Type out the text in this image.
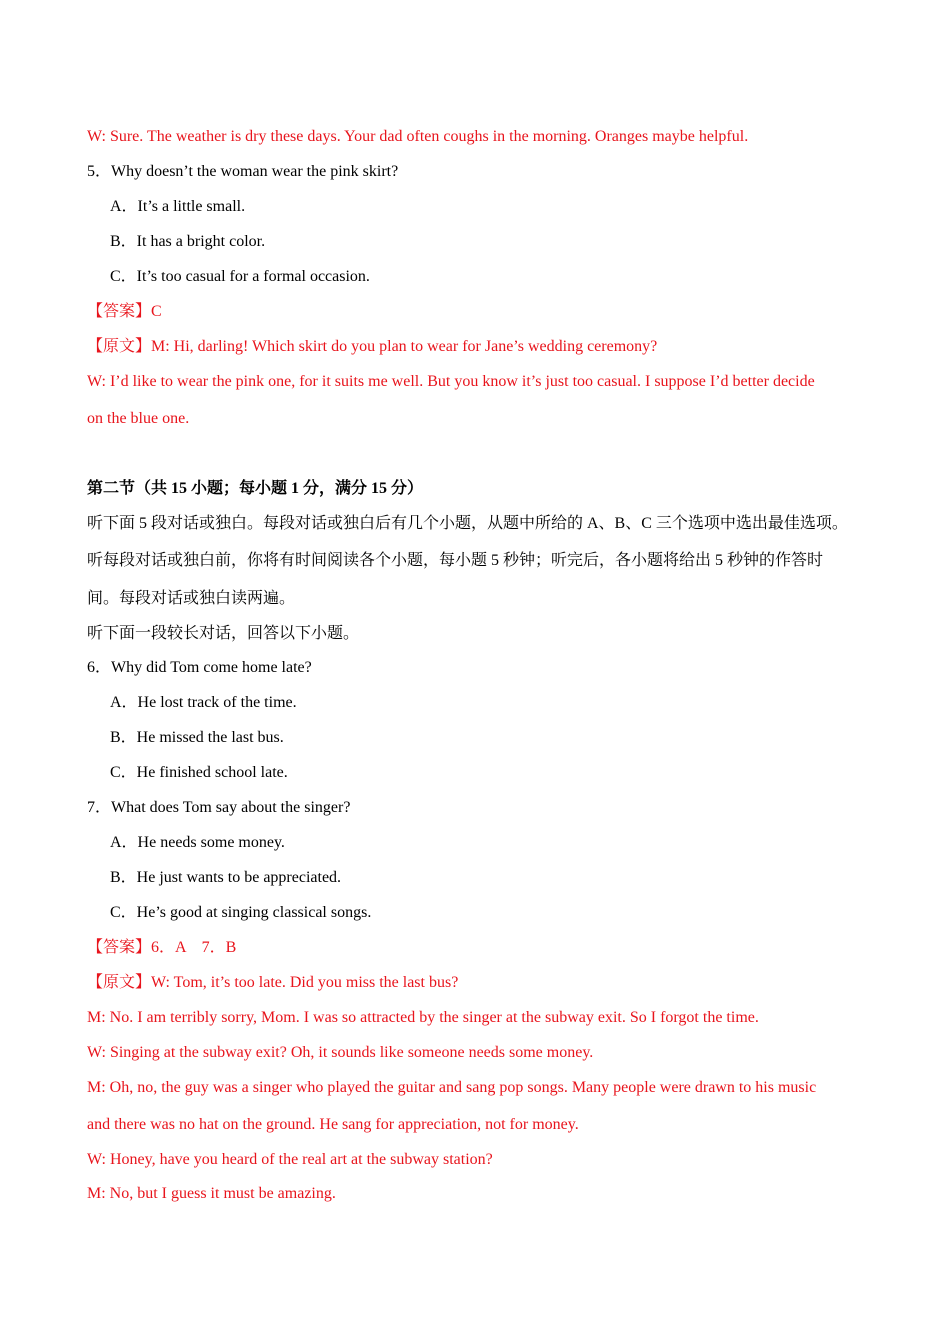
W: Sure. The weather is dry these days. Your dad often coughs in the morning. Oranges maybe helpful.
5．Why doesn’t the woman wear the pink skirt?
A．It’s a little small.
B．It has a bright color.
C．It’s too casual for a formal occasion.
【答案】C
【原文】M: Hi, darling! Which skirt do you plan to wear for Jane’s wedding ceremony?
W: I’d like to wear the pink one, for it suits me well. But you know it’s just too casual. I suppose I’d better decide
on the blue one.
第二节（共 15 小题；每小题 1 分，满分 15 分）
听下面 5 段对话或独白。每段对话或独白后有几个小题，从题中所给的 A、B、C 三个选项中选出最佳选项。
听每段对话或独白前，你将有时间阅读各个小题，每小题 5 秒钟；听完后，各小题将给出 5 秒钟的作答时
间。每段对话或独白读两遍。
听下面一段较长对话，回答以下小题。
6．Why did Tom come home late?
A．He lost track of the time.
B．He missed the last bus.
C．He finished school late.
7．What does Tom say about the singer?
A．He needs some money.
B．He just wants to be appreciated.
C．He’s good at singing classical songs.
【答案】6．A　7．B
【原文】W: Tom, it’s too late. Did you miss the last bus?
M: No. I am terribly sorry, Mom. I was so attracted by the singer at the subway exit. So I forgot the time.
W: Singing at the subway exit? Oh, it sounds like someone needs some money.
M: Oh, no, the guy was a singer who played the guitar and sang pop songs. Many people were drawn to his music
and there was no hat on the ground. He sang for appreciation, not for money.
W: Honey, have you heard of the real art at the subway station?
M: No, but I guess it must be amazing.
